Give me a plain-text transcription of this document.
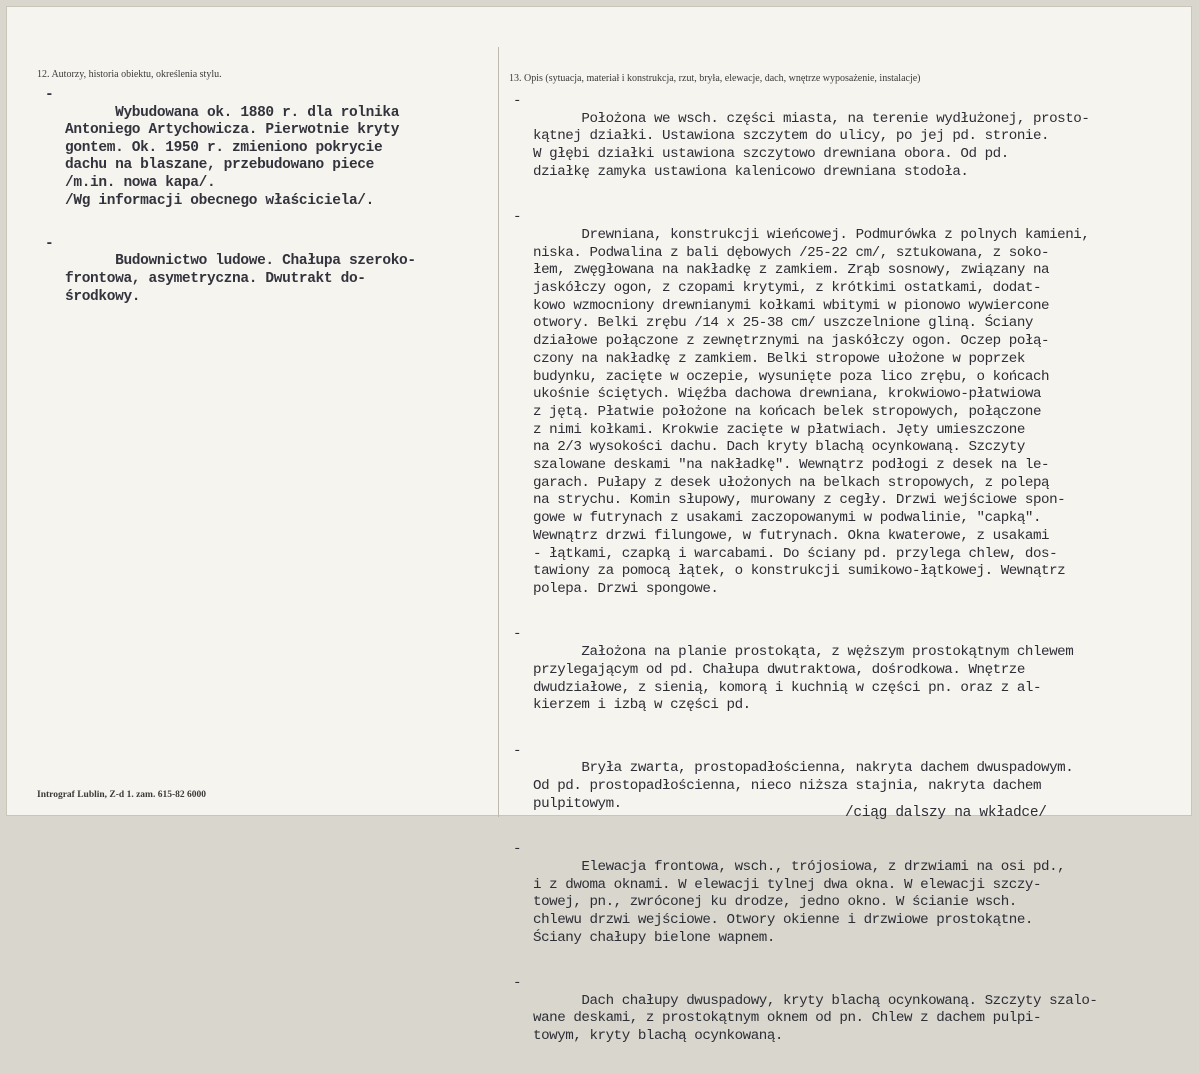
12. Autorzy, historia obiektu, określenia stylu.

-
Wybudowana ok. 1880 r. dla rolnika
Antoniego Artychowicza. Pierwotnie kryty
gontem. Ok. 1950 r. zmieniono pokrycie
dachu na blaszane, przebudowano piece
/m.in. nowa kapa/.
/Wg informacji obecnego właściciela/.

-
Budownictwo ludowe. Chałupa szeroko-
frontowa, asymetryczna. Dwutrakt do-
środkowy.

13. Opis (sytuacja, materiał i konstrukcja, rzut, bryła, elewacje, dach, wnętrze wyposażenie, instalacje)

-
Położona we wsch. części miasta, na terenie wydłużonej, prosto-
kątnej działki. Ustawiona szczytem do ulicy, po jej pd. stronie.
W głębi działki ustawiona szczytowo drewniana obora. Od pd.
działkę zamyka ustawiona kalenicowo drewniana stodoła.

-
Drewniana, konstrukcji wieńcowej. Podmurówka z polnych kamieni,
niska. Podwalina z bali dębowych /25-22 cm/, sztukowana, z soko-
łem, zwęgłowana na nakładkę z zamkiem. Zrąb sosnowy, związany na
jaskółczy ogon, z czopami krytymi, z krótkimi ostatkami, dodat-
kowo wzmocniony drewnianymi kołkami wbitymi w pionowo wywiercone
otwory. Belki zrębu /14 x 25-38 cm/ uszczelnione gliną. Ściany
działowe połączone z zewnętrznymi na jaskółczy ogon. Oczep połą-
czony na nakładkę z zamkiem. Belki stropowe ułożone w poprzek
budynku, zacięte w oczepie, wysunięte poza lico zrębu, o końcach
ukośnie ściętych. Więźba dachowa drewniana, krokwiowo-płatwiowa
z jętą. Płatwie położone na końcach belek stropowych, połączone
z nimi kołkami. Krokwie zacięte w płatwiach. Jęty umieszczone
na 2/3 wysokości dachu. Dach kryty blachą ocynkowaną. Szczyty
szalowane deskami "na nakładkę". Wewnątrz podłogi z desek na le-
garach. Pułapy z desek ułożonych na belkach stropowych, z polepą
na strychu. Komin słupowy, murowany z cegły. Drzwi wejściowe spon-
gowe w futrynach z usakami zaczopowanymi w podwalinie, "capką".
Wewnątrz drzwi filungowe, w futrynach. Okna kwaterowe, z usakami
- łątkami, czapką i warcabami. Do ściany pd. przylega chlew, dos-
tawiony za pomocą łątek, o konstrukcji sumikowo-łątkowej. Wewnątrz
polepa. Drzwi spongowe.

-
Założona na planie prostokąta, z węższym prostokątnym chlewem
przylegającym od pd. Chałupa dwutraktowa, dośrodkowa. Wnętrze
dwudziałowe, z sienią, komorą i kuchnią w części pn. oraz z al-
kierzem i izbą w części pd.

-
Bryła zwarta, prostopadłościenna, nakryta dachem dwuspadowym.
Od pd. prostopadłościenna, nieco niższa stajnia, nakryta dachem
pulpitowym.

-
Elewacja frontowa, wsch., trójosiowa, z drzwiami na osi pd.,
i z dwoma oknami. W elewacji tylnej dwa okna. W elewacji szczy-
towej, pn., zwróconej ku drodze, jedno okno. W ścianie wsch.
chlewu drzwi wejściowe. Otwory okienne i drzwiowe prostokątne.
Ściany chałupy bielone wapnem.

-
Dach chałupy dwuspadowy, kryty blachą ocynkowaną. Szczyty szalo-
wane deskami, z prostokątnym oknem od pn. Chlew z dachem pulpi-
towym, kryty blachą ocynkowaną.

Intrograf Lublin, Z-d 1. zam. 615-82 6000
/ciąg dalszy na wkładce/
